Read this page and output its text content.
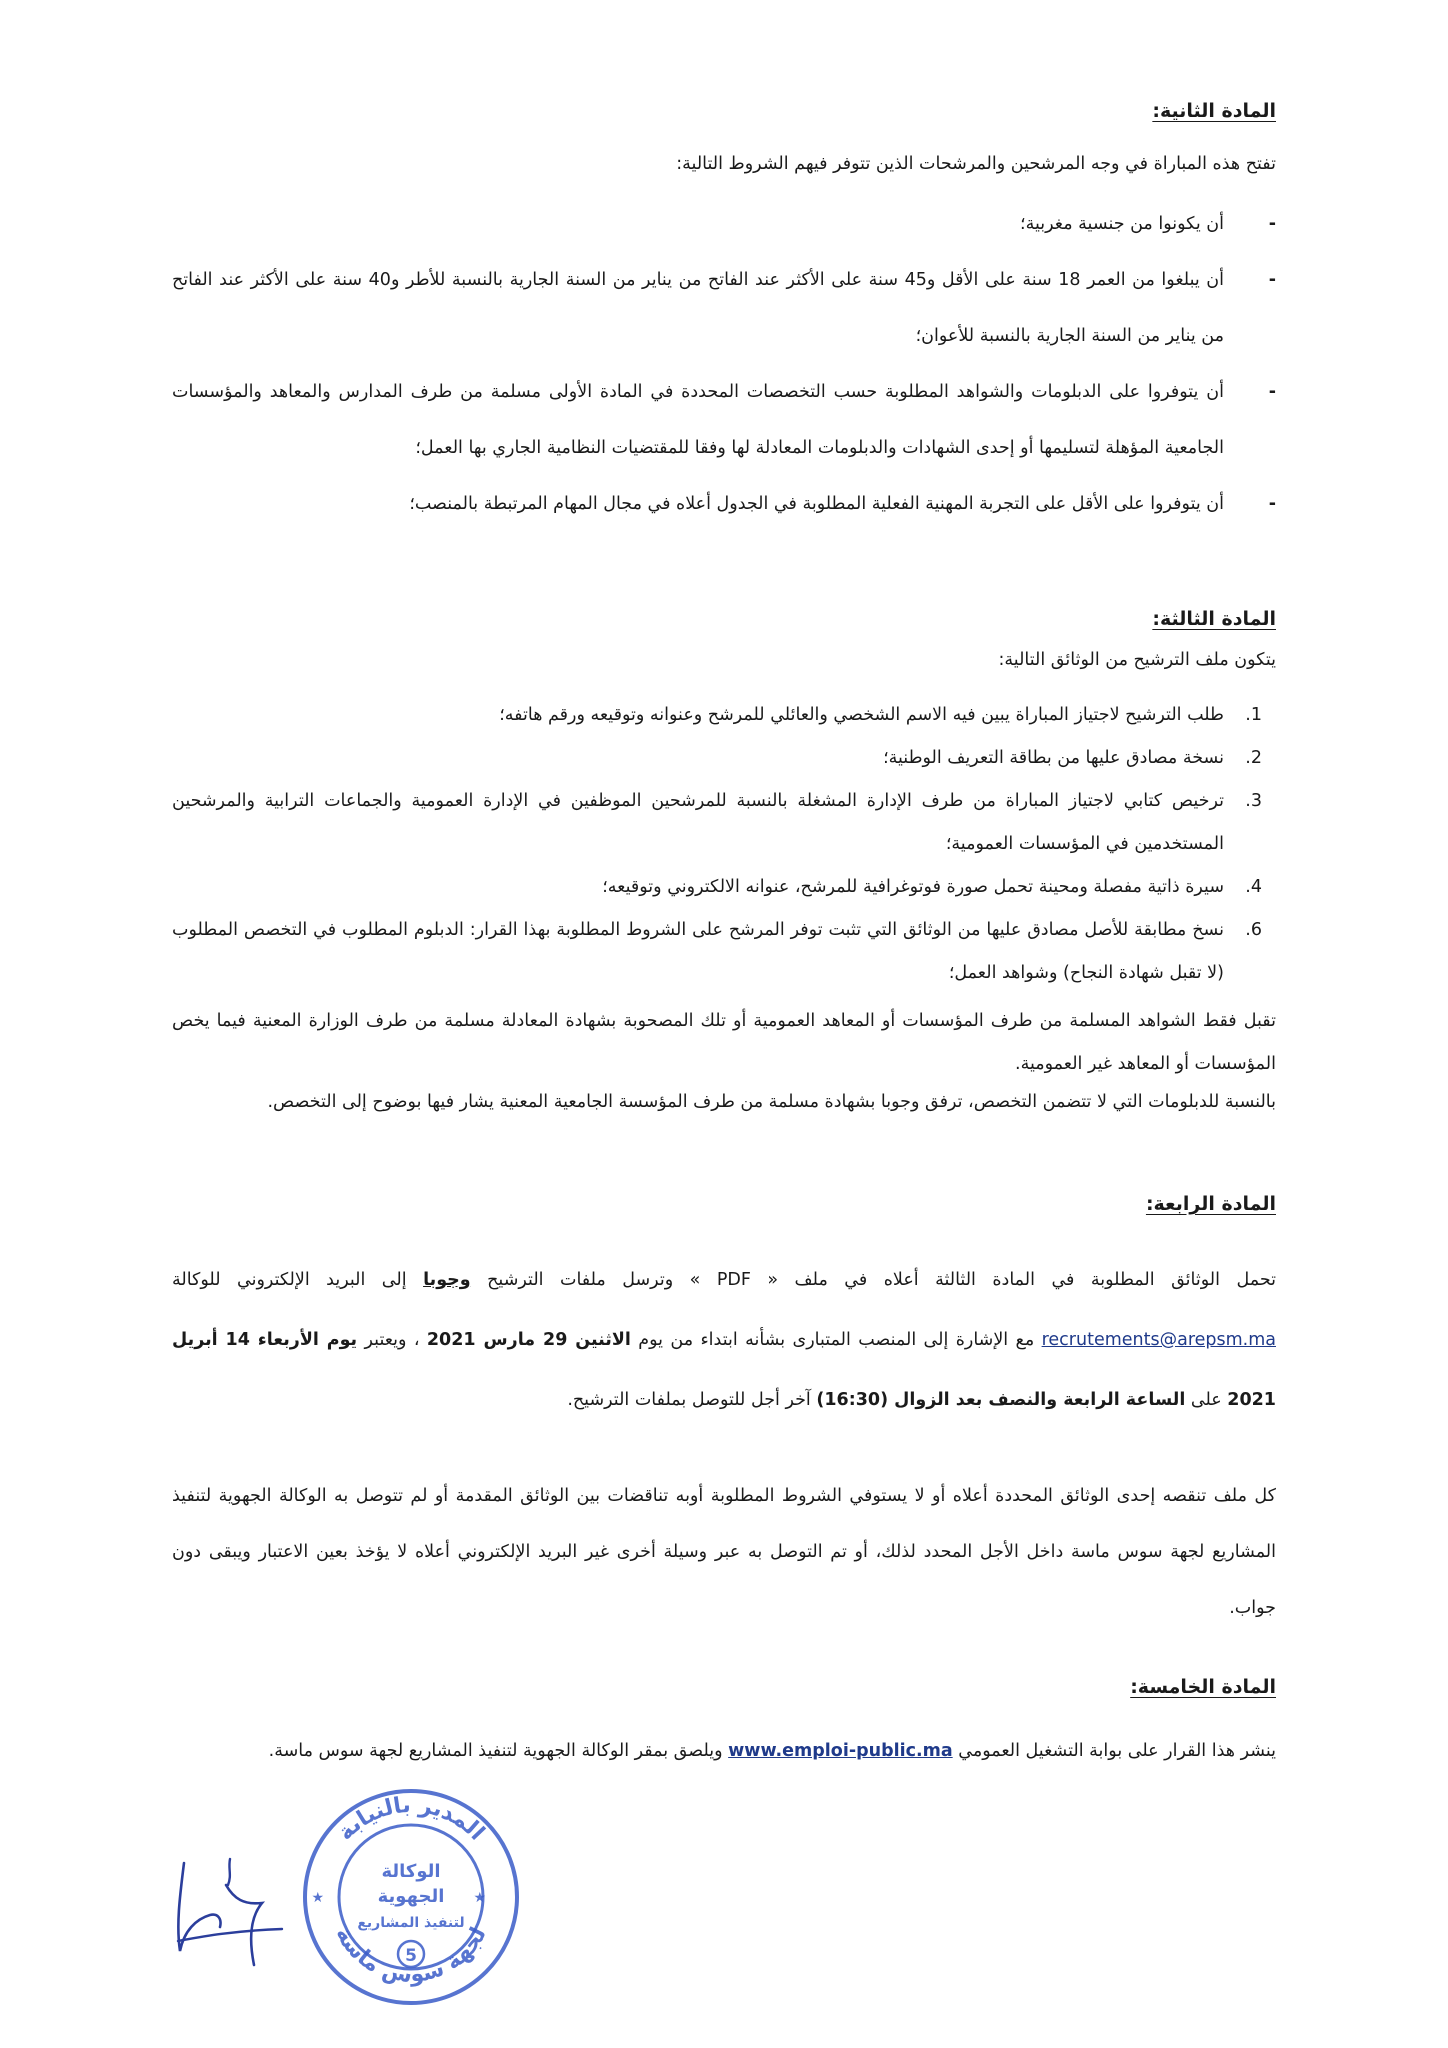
المادة الثانية:

تفتح هذه المباراة في وجه المرشحين والمرشحات الذين تتوفر فيهم الشروط التالية:

- أن يكونوا من جنسية مغربية؛
- أن يبلغوا من العمر 18 سنة على الأقل و45 سنة على الأكثر عند الفاتح من يناير من السنة الجارية بالنسبة للأطر و40 سنة على الأكثر عند الفاتح من يناير من السنة الجارية بالنسبة للأعوان؛
- أن يتوفروا على الدبلومات والشواهد المطلوبة حسب التخصصات المحددة في المادة الأولى مسلمة من طرف المدارس والمعاهد والمؤسسات الجامعية المؤهلة لتسليمها أو إحدى الشهادات والدبلومات المعادلة لها وفقا للمقتضيات النظامية الجاري بها العمل؛
- أن يتوفروا على الأقل على التجربة المهنية الفعلية المطلوبة في الجدول أعلاه في مجال المهام المرتبطة بالمنصب؛
المادة الثالثة:

يتكون ملف الترشيح من الوثائق التالية:

1.
طلب الترشيح لاجتياز المباراة يبين فيه الاسم الشخصي والعائلي للمرشح وعنوانه وتوقيعه ورقم هاتفه؛
2.
نسخة مصادق عليها من بطاقة التعريف الوطنية؛
3.
ترخيص كتابي لاجتياز المباراة من طرف الإدارة المشغلة بالنسبة للمرشحين الموظفين في الإدارة العمومية والجماعات الترابية والمرشحين المستخدمين في المؤسسات العمومية؛
4.
سيرة ذاتية مفصلة ومحينة تحمل صورة فوتوغرافية للمرشح، عنوانه الالكتروني وتوقيعه؛
6.
نسخ مطابقة للأصل مصادق عليها من الوثائق التي تثبت توفر المرشح على الشروط المطلوبة بهذا القرار: الدبلوم المطلوب في التخصص المطلوب (لا تقبل شهادة النجاح) وشواهد العمل؛

تقبل فقط الشواهد المسلمة من طرف المؤسسات أو المعاهد العمومية أو تلك المصحوبة بشهادة المعادلة مسلمة من طرف الوزارة المعنية فيما يخص المؤسسات أو المعاهد غير العمومية.

بالنسبة للدبلومات التي لا تتضمن التخصص، ترفق وجوبا بشهادة مسلمة من طرف المؤسسة الجامعية المعنية يشار فيها بوضوح إلى التخصص.

المادة الرابعة:

تحمل الوثائق المطلوبة في المادة الثالثة أعلاه في ملف « PDF » وترسل ملفات الترشيح وجوبا إلى البريد الإلكتروني للوكالة recrutements@arepsm.ma مع الإشارة إلى المنصب المتبارى بشأنه ابتداء من يوم الاثنين 29 مارس 2021 ، ويعتبر يوم الأربعاء 14 أبريل 2021 على الساعة الرابعة والنصف بعد الزوال (16:30) آخر أجل للتوصل بملفات الترشيح.

كل ملف تنقصه إحدى الوثائق المحددة أعلاه أو لا يستوفي الشروط المطلوبة أوبه تناقضات بين الوثائق المقدمة أو لم تتوصل به الوكالة الجهوية لتنفيذ المشاريع لجهة سوس ماسة داخل الأجل المحدد لذلك، أو تم التوصل به عبر وسيلة أخرى غير البريد الإلكتروني أعلاه لا يؤخذ بعين الاعتبار ويبقى دون جواب.

المادة الخامسة:

ينشر هذا القرار على بوابة التشغيل العمومي www.emploi-public.ma ويلصق بمقر الوكالة الجهوية لتنفيذ المشاريع لجهة سوس ماسة.

المدير بالنيابة
لجهة سوس ماسة
الوكالة
الجهوية
لتنفيذ المشاريع
5
★	★
